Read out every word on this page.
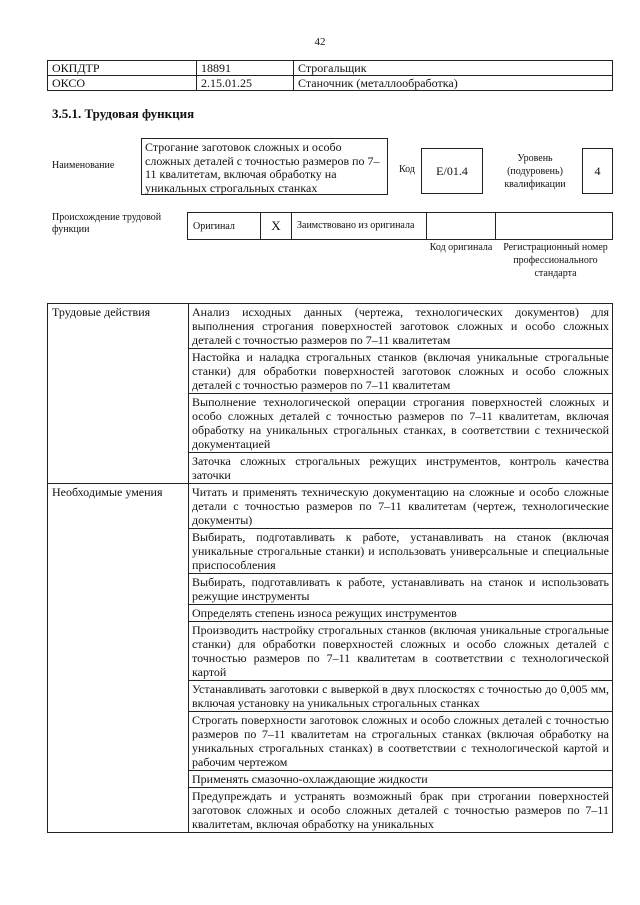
42
ОКПДТР	18891	Строгальщик
ОКСО	2.15.01.25	Станочник (металлообработка)
3.5.1. Трудовая функция
Наименование
Строгание заготовок сложных и особо сложных деталей с точностью размеров по 7–11 квалитетам, включая обработку на уникальных строгальных станках
Код E/01.4
Уровень (подуровень) квалификации
4
Происхождение трудовой функции	Оригинал	X	Заимствовано из оригинала		
Код оригинала	Регистрационный номер профессионального стандарта
Трудовые действия	Анализ исходных данных (чертежа, технологических документов) для выполнения строгания поверхностей заготовок сложных и особо сложных деталей с точностью размеров по 7–11 квалитетам
	Настойка и наладка строгальных станков (включая уникальные строгальные станки) для обработки поверхностей заготовок сложных и особо сложных деталей с точностью размеров по 7–11 квалитетам
	Выполнение технологической операции строгания поверхностей сложных и особо сложных деталей с точностью размеров по 7–11 квалитетам, включая обработку на уникальных строгальных станках, в соответствии с технической документацией
	Заточка сложных строгальных режущих инструментов, контроль качества заточки
Необходимые умения	Читать и применять техническую документацию на сложные и особо сложные детали с точностью размеров по 7–11 квалитетам (чертеж, технологические документы)
	Выбирать, подготавливать к работе, устанавливать на станок (включая уникальные строгальные станки) и использовать универсальные и специальные приспособления
	Выбирать, подготавливать к работе, устанавливать на станок и использовать режущие инструменты
	Определять степень износа режущих инструментов
	Производить настройку строгальных станков (включая уникальные строгальные станки) для обработки поверхностей сложных и особо сложных деталей с точностью размеров по 7–11 квалитетам в соответствии с технологической картой
	Устанавливать заготовки с выверкой в двух плоскостях с точностью до 0,005 мм, включая установку на уникальных строгальных станках
	Строгать поверхности заготовок сложных и особо сложных деталей с точностью размеров по 7–11 квалитетам на строгальных станках (включая обработку на уникальных строгальных станках) в соответствии с технологической картой и рабочим чертежом
	Применять смазочно-охлаждающие жидкости
	Предупреждать и устранять возможный брак при строгании поверхностей заготовок сложных и особо сложных деталей с точностью размеров по 7–11 квалитетам, включая обработку на уникальных
